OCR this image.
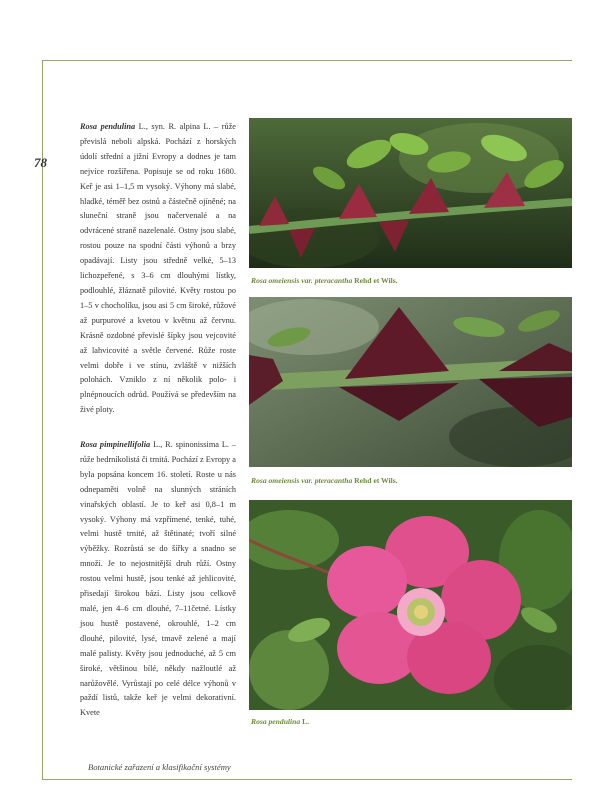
78
Rosa pendulina L., syn. R. alpina L. – růže převislá neboli alpská. Pochází z horských údolí střední a jižní Evropy a dodnes je tam nejvíce rozšířena. Popisuje se od roku 1680. Keř je asi 1–1,5 m vysoký. Výhony má slabé, hladké, téměř bez ostnů a částečně ojíněné; na sluneční straně jsou načervenalé a na odvrácené straně nazelenalé. Ostny jsou slabé, rostou pouze na spodní části výhonů a brzy opadávají. Listy jsou středně velké, 5–13 lichozpeřené, s 3–6 cm dlouhými lístky, podlouhlé, žláznatě pilovité. Květy rostou po 1–5 v chocholíku, jsou asi 5 cm široké, růžové až purpurové a kvetou v květnu až červnu. Krásně ozdobné převislé šípky jsou vejcovité až lahvicovité a světle červené. Růže roste velmi dobře i ve stínu, zvláště v nižších polohách. Vzniklo z ní několik polo- i plnépnoucích odrůd. Používá se především na živé ploty.
Rosa pimpinellifolia L., R. spinonissima L. – růže bedrníkolistá či trnitá. Pochází z Evropy a byla popsána koncem 16. století. Roste u nás odnepaměti volně na slunných stráních vinařských oblastí. Je to keř asi 0,8–1 m vysoký. Výhony má vzpřímené, tenké, tuhé, velmi hustě trnité, až štětinaté; tvoří silné výběžky. Rozrůstá se do šířky a snadno se množí. Je to nejostnitější druh růží. Ostny rostou velmi hustě, jsou tenké až jehlicovité, přisedají širokou bází. Listy jsou celkově malé, jen 4–6 cm dlouhé, 7–11četné. Lístky jsou hustě postavené, okrouhlé, 1–2 cm dlouhé, pilovité, lysé, tmavě zelené a mají malé palisty. Květy jsou jednoduché, až 5 cm široké, většinou bílé, někdy nažloutlé až narůžovělé. Vyrůstají po celé délce výhonů v paždí listů, takže keř je velmi dekorativní. Kvete
Rosa omeiensis var. pteracantha Rehd et Wils.
Rosa omeiensis var. pteracantha Rehd et Wils.
Rosa pendulina L.
Botanické zařazení a klasifikační systémy
